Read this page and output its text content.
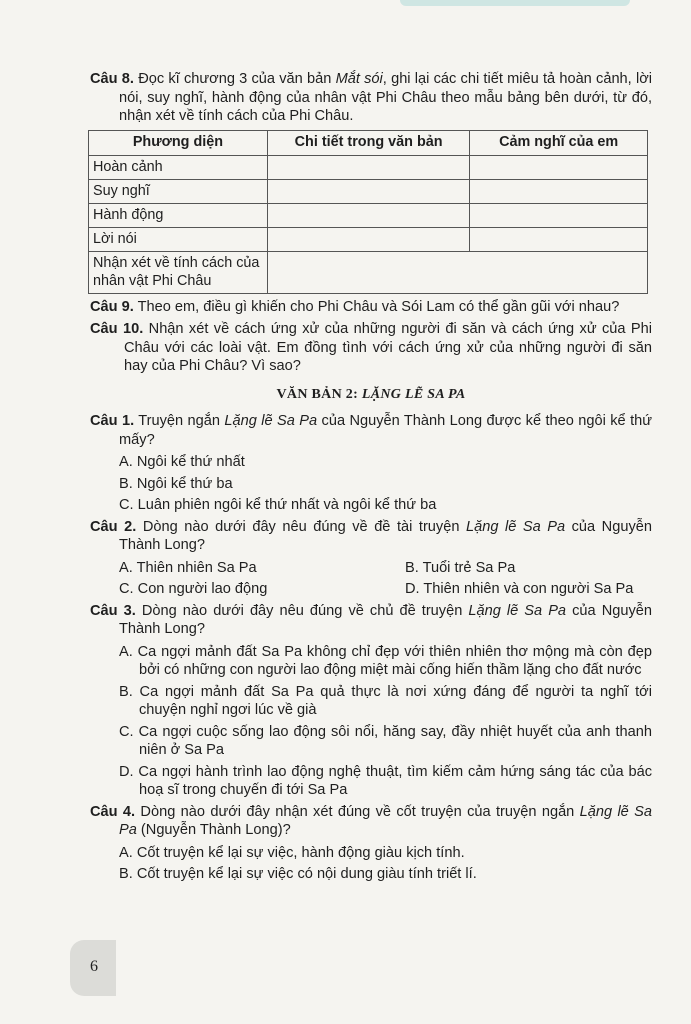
Câu 8. Đọc kĩ chương 3 của văn bản Mắt sói, ghi lại các chi tiết miêu tả hoàn cảnh, lời nói, suy nghĩ, hành động của nhân vật Phi Châu theo mẫu bảng bên dưới, từ đó, nhận xét về tính cách của Phi Châu.

Phương diện	Chi tiết trong văn bản	Cảm nghĩ của em
Hoàn cảnh		
Suy nghĩ		
Hành động		
Lời nói		
Nhận xét về tính cách của nhân vật Phi Châu		

Câu 9. Theo em, điều gì khiến cho Phi Châu và Sói Lam có thể gần gũi với nhau?

Câu 10. Nhận xét về cách ứng xử của những người đi săn và cách ứng xử của Phi Châu với các loài vật. Em đồng tình với cách ứng xử của những người đi săn hay của Phi Châu? Vì sao?

VĂN BẢN 2: LẶNG LẼ SA PA

Câu 1. Truyện ngắn Lặng lẽ Sa Pa của Nguyễn Thành Long được kể theo ngôi kể thứ mấy?

A. Ngôi kể thứ nhất

B. Ngôi kể thứ ba

C. Luân phiên ngôi kể thứ nhất và ngôi kể thứ ba

Câu 2. Dòng nào dưới đây nêu đúng về đề tài truyện Lặng lẽ Sa Pa của Nguyễn Thành Long?

A. Thiên nhiên Sa Pa	B. Tuổi trẻ Sa Pa
C. Con người lao động	D. Thiên nhiên và con người Sa Pa

Câu 3. Dòng nào dưới đây nêu đúng về chủ đề truyện Lặng lẽ Sa Pa của Nguyễn Thành Long?

A. Ca ngợi mảnh đất Sa Pa không chỉ đẹp với thiên nhiên thơ mộng mà còn đẹp bởi có những con người lao động miệt mài cống hiến thầm lặng cho đất nước

B. Ca ngợi mảnh đất Sa Pa quả thực là nơi xứng đáng để người ta nghĩ tới chuyện nghỉ ngơi lúc về già

C. Ca ngợi cuộc sống lao động sôi nổi, hăng say, đầy nhiệt huyết của anh thanh niên ở Sa Pa

D. Ca ngợi hành trình lao động nghệ thuật, tìm kiếm cảm hứng sáng tác của bác hoạ sĩ trong chuyến đi tới Sa Pa

Câu 4. Dòng nào dưới đây nhận xét đúng về cốt truyện của truyện ngắn Lặng lẽ Sa Pa (Nguyễn Thành Long)?

A. Cốt truyện kể lại sự việc, hành động giàu kịch tính.

B. Cốt truyện kể lại sự việc có nội dung giàu tính triết lí.

6
